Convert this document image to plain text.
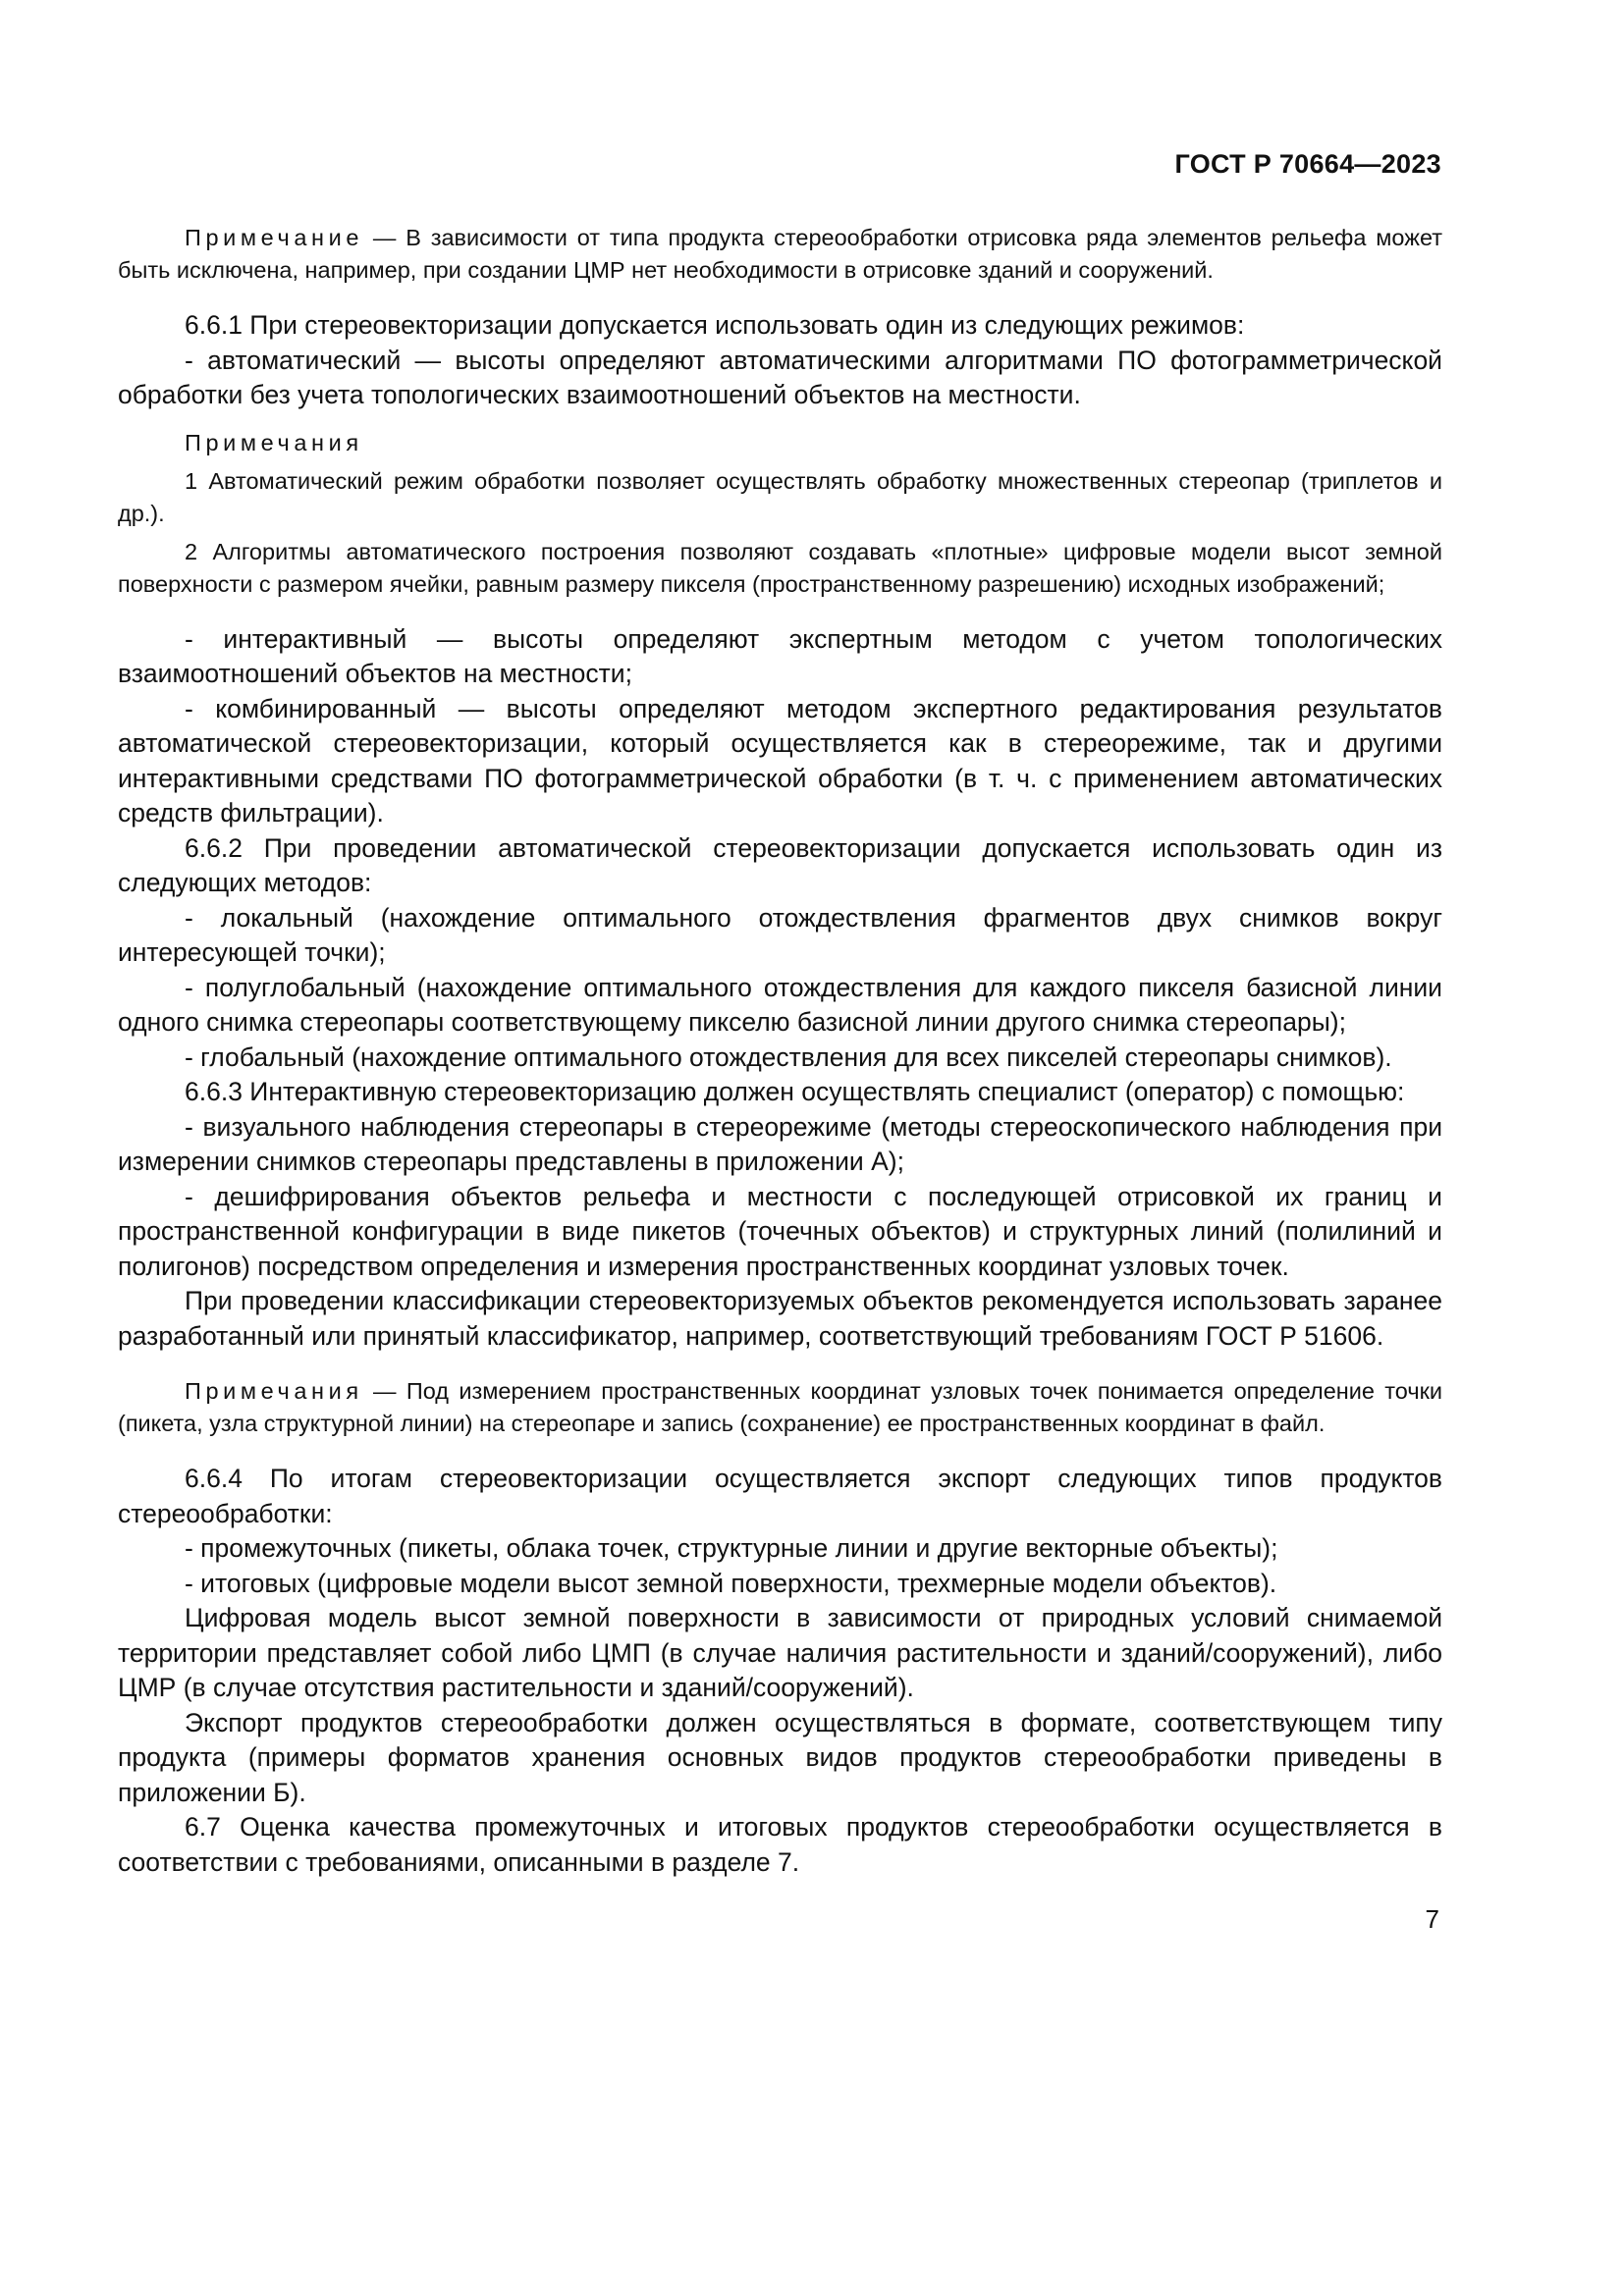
ГОСТ Р 70664—2023

Примечание — В зависимости от типа продукта стереообработки отрисовка ряда элементов рельефа может быть исключена, например, при создании ЦМР нет необходимости в отрисовке зданий и сооружений.

6.6.1 При стереовекторизации допускается использовать один из следующих режимов:

- автоматический — высоты определяют автоматическими алгоритмами ПО фотограмметрической обработки без учета топологических взаимоотношений объектов на местности.

Примечания

1 Автоматический режим обработки позволяет осуществлять обработку множественных стереопар (триплетов и др.).

2 Алгоритмы автоматического построения позволяют создавать «плотные» цифровые модели высот земной поверхности с размером ячейки, равным размеру пикселя (пространственному разрешению) исходных изображений;

- интерактивный — высоты определяют экспертным методом с учетом топологических взаимоотношений объектов на местности;

- комбинированный — высоты определяют методом экспертного редактирования результатов автоматической стереовекторизации, который осуществляется как в стереорежиме, так и другими интерактивными средствами ПО фотограмметрической обработки (в т. ч. с применением автоматических средств фильтрации).

6.6.2 При проведении автоматической стереовекторизации допускается использовать один из следующих методов:

- локальный (нахождение оптимального отождествления фрагментов двух снимков вокруг интересующей точки);

- полуглобальный (нахождение оптимального отождествления для каждого пикселя базисной линии одного снимка стереопары соответствующему пикселю базисной линии другого снимка стереопары);

- глобальный (нахождение оптимального отождествления для всех пикселей стереопары снимков).

6.6.3 Интерактивную стереовекторизацию должен осуществлять специалист (оператор) с помощью:

- визуального наблюдения стереопары в стереорежиме (методы стереоскопического наблюдения при измерении снимков стереопары представлены в приложении А);

- дешифрирования объектов рельефа и местности с последующей отрисовкой их границ и пространственной конфигурации в виде пикетов (точечных объектов) и структурных линий (полилиний и полигонов) посредством определения и измерения пространственных координат узловых точек.

При проведении классификации стереовекторизуемых объектов рекомендуется использовать заранее разработанный или принятый классификатор, например, соответствующий требованиям ГОСТ Р 51606.

Примечания — Под измерением пространственных координат узловых точек понимается определение точки (пикета, узла структурной линии) на стереопаре и запись (сохранение) ее пространственных координат в файл.

6.6.4 По итогам стереовекторизации осуществляется экспорт следующих типов продуктов стереообработки:

- промежуточных (пикеты, облака точек, структурные линии и другие векторные объекты);

- итоговых (цифровые модели высот земной поверхности, трехмерные модели объектов).

Цифровая модель высот земной поверхности в зависимости от природных условий снимаемой территории представляет собой либо ЦМП (в случае наличия растительности и зданий/сооружений), либо ЦМР (в случае отсутствия растительности и зданий/сооружений).

Экспорт продуктов стереообработки должен осуществляться в формате, соответствующем типу продукта (примеры форматов хранения основных видов продуктов стереообработки приведены в приложении Б).

6.7 Оценка качества промежуточных и итоговых продуктов стереообработки осуществляется в соответствии с требованиями, описанными в разделе 7.

7
